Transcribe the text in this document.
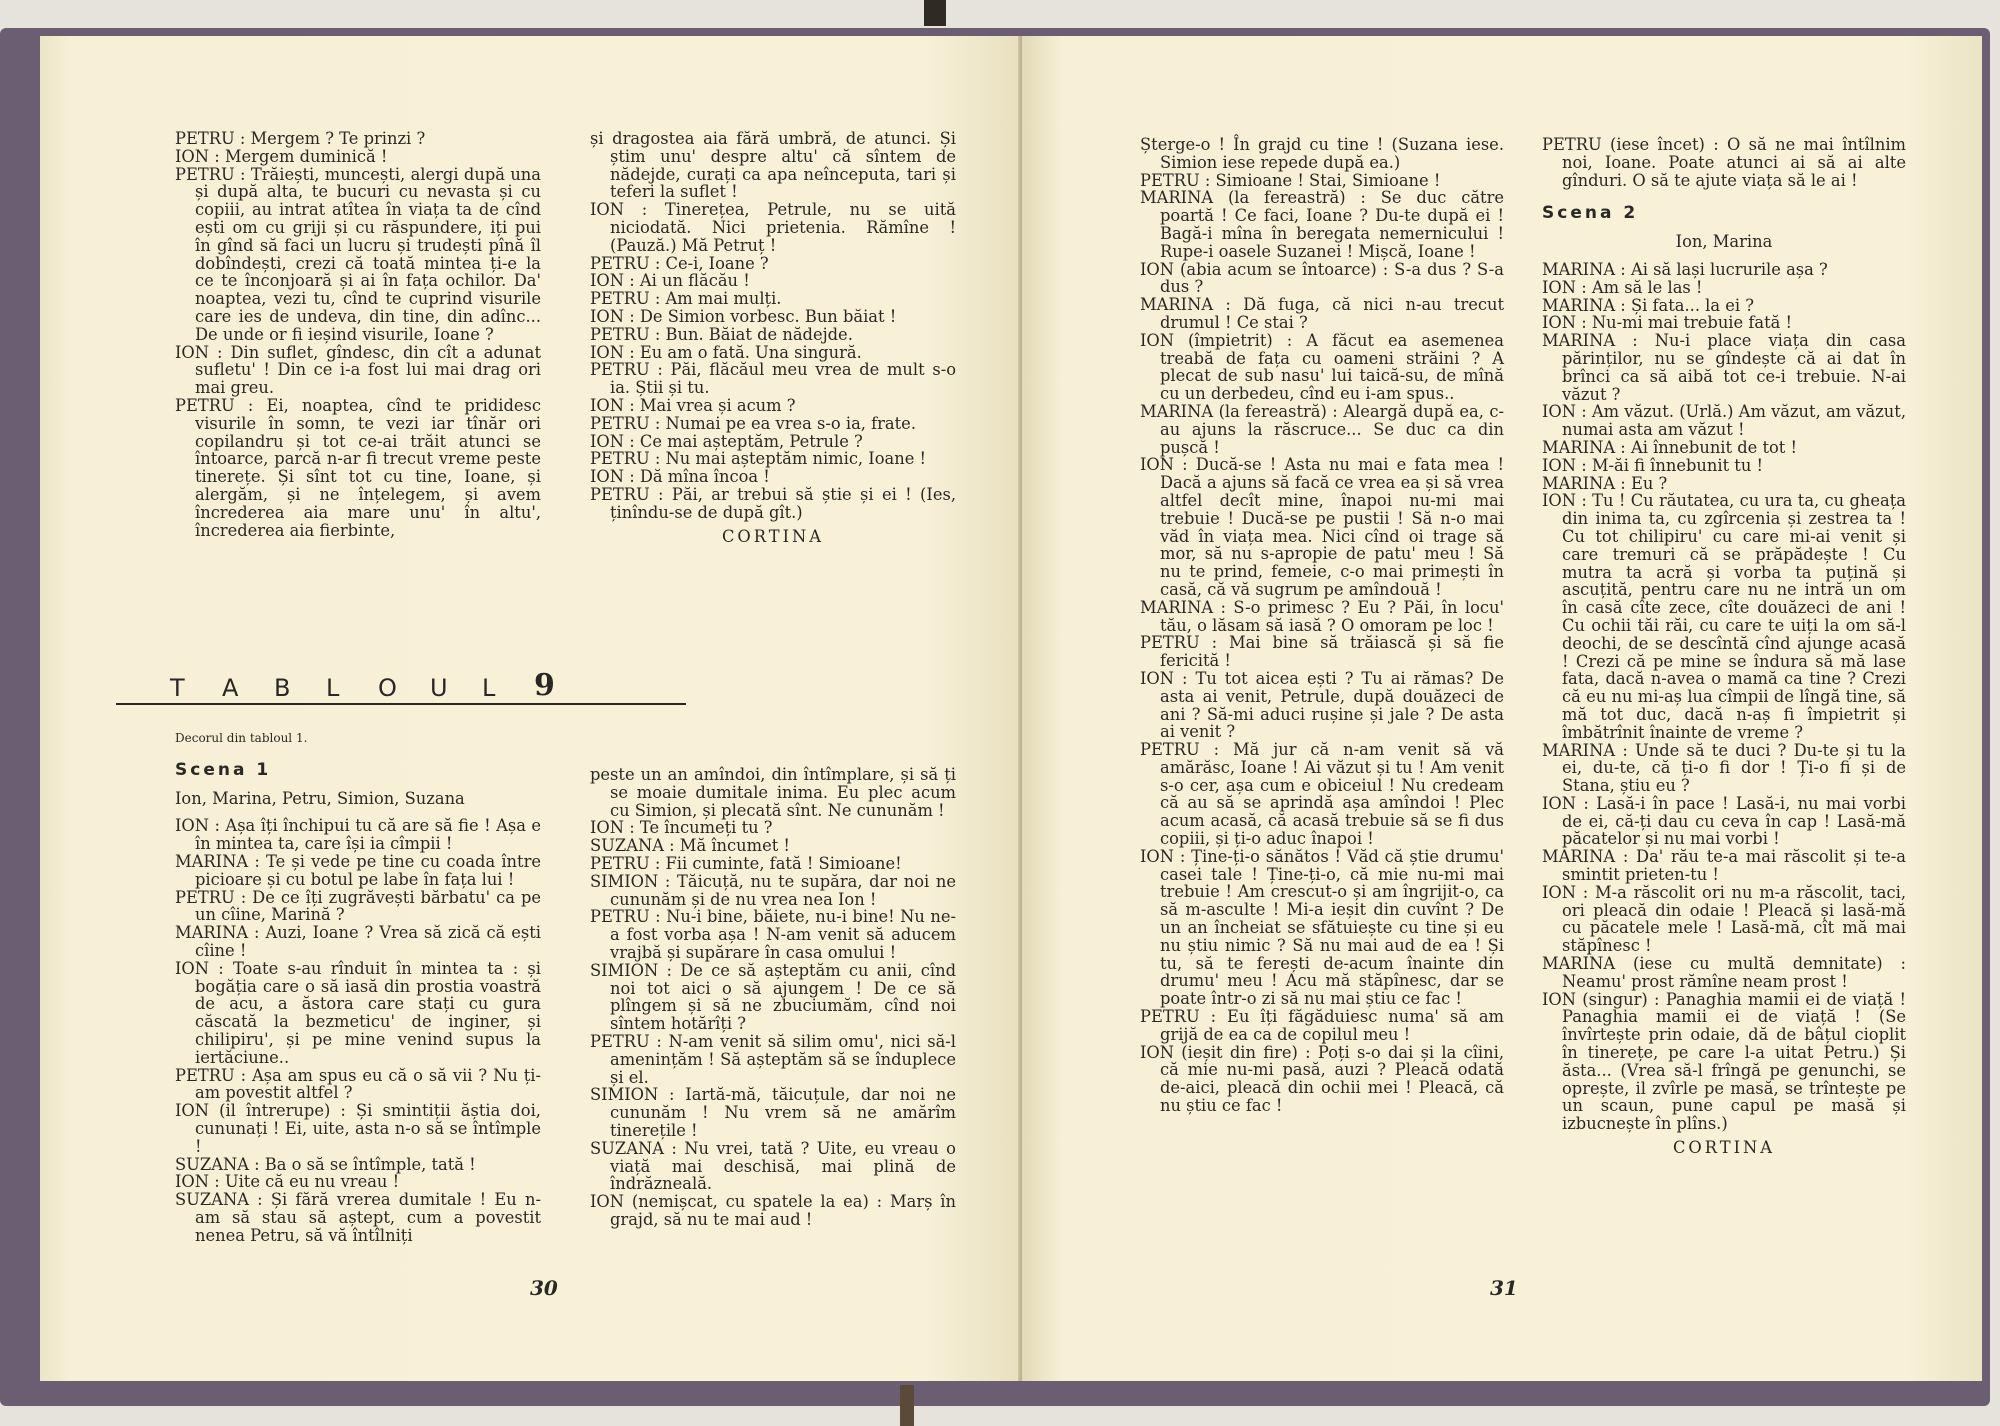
PETRU : Mergem ? Te prinzi ?

ION : Mergem duminică !

PETRU : Trăiești, muncești, alergi după una și după alta, te bucuri cu nevasta și cu copiii, au intrat atîtea în viața ta de cînd ești om cu griji și cu răspundere, iți pui în gînd să faci un lucru și trudești pînă îl dobîndești, crezi că toată mintea ți-e la ce te înconjoară și ai în fața ochilor. Da' noaptea, vezi tu, cînd te cuprind visurile care ies de undeva, din tine, din adînc... De unde or fi ieșind visurile, Ioane ?

ION : Din suflet, gîndesc, din cît a adunat sufletu' ! Din ce i-a fost lui mai drag ori mai greu.

PETRU : Ei, noaptea, cînd te prididesc visurile în somn, te vezi iar tînăr ori copilandru și tot ce-ai trăit atunci se întoarce, parcă n-ar fi trecut vreme peste tinerețe. Și sînt tot cu tine, Ioane, și alergăm, și ne înțelegem, și avem încrederea aia mare unu' în altu', încrederea aia fierbinte,

și dragostea aia fără umbră, de atunci. Și știm unu' despre altu' că sîntem de nădejde, curați ca apa neînceputa, tari și teferi la suflet !

ION : Tinerețea, Petrule, nu se uită niciodată. Nici prietenia. Rămîne ! (Pauză.) Mă Petruț !

PETRU : Ce-i, Ioane ?

ION : Ai un flăcău !

PETRU : Am mai mulți.

ION : De Simion vorbesc. Bun băiat !

PETRU : Bun. Băiat de nădejde.

ION : Eu am o fată. Una singură.

PETRU : Păi, flăcăul meu vrea de mult s-o ia. Știi și tu.

ION : Mai vrea și acum ?

PETRU : Numai pe ea vrea s-o ia, frate.

ION : Ce mai așteptăm, Petrule ?

PETRU : Nu mai așteptăm nimic, Ioane !

ION : Dă mîna încoa !

PETRU : Păi, ar trebui să știe și ei ! (Ies, ținîndu-se de după gît.)

CORTINA

T A B L O U L 9

Decorul din tabloul 1.

Scena 1

Ion, Marina, Petru, Simion, Suzana

ION : Așa îți închipui tu că are să fie ! Așa e în mintea ta, care își ia cîmpii !

MARINA : Te și vede pe tine cu coada între picioare și cu botul pe labe în fața lui !

PETRU : De ce îți zugrăvești bărbatu' ca pe un cîine, Marină ?

MARINA : Auzi, Ioane ? Vrea să zică că ești cîine !

ION : Toate s-au rînduit în mintea ta : și bogăția care o să iasă din prostia voastră de acu, a ăstora care stați cu gura căscată la bezmeticu' de inginer, și chilipiru', și pe mine venind supus la iertăciune..

PETRU : Așa am spus eu că o să vii ? Nu ți-am povestit altfel ?

ION (il întrerupe) : Și smintiții ăștia doi, cununați ! Ei, uite, asta n-o să se întîmple !

SUZANA : Ba o să se întîmple, tată !

ION : Uite că eu nu vreau !

SUZANA : Și fără vrerea dumitale ! Eu n-am să stau să aștept, cum a povestit nenea Petru, să vă întîlniți

peste un an amîndoi, din întîmplare, și să ți se moaie dumitale inima. Eu plec acum cu Simion, și plecată sînt. Ne cununăm !

ION : Te încumeți tu ?

SUZANA : Mă încumet !

PETRU : Fii cuminte, fată ! Simioane!

SIMION : Tăicuță, nu te supăra, dar noi ne cununăm și de nu vrea nea Ion !

PETRU : Nu-i bine, băiete, nu-i bine! Nu ne-a fost vorba așa ! N-am venit să aducem vrajbă și supărare în casa omului !

SIMION : De ce să așteptăm cu anii, cînd noi tot aici o să ajungem ! De ce să plîngem și să ne zbuciumăm, cînd noi sîntem hotărîți ?

PETRU : N-am venit să silim omu', nici să-l amenințăm ! Să așteptăm să se înduplece și el.

SIMION : Iartă-mă, tăicuțule, dar noi ne cununăm ! Nu vrem să ne amărîm tinerețile !

SUZANA : Nu vrei, tată ? Uite, eu vreau o viață mai deschisă, mai plină de îndrăzneală.

ION (nemișcat, cu spatele la ea) : Marș în grajd, să nu te mai aud !

30

Șterge-o ! În grajd cu tine ! (Suzana iese. Simion iese repede după ea.)

PETRU : Simioane ! Stai, Simioane !

MARINA (la fereastră) : Se duc către poartă ! Ce faci, Ioane ? Du-te după ei ! Bagă-i mîna în beregata nemernicului ! Rupe-i oasele Suzanei ! Mișcă, Ioane !

ION (abia acum se întoarce) : S-a dus ? S-a dus ?

MARINA : Dă fuga, că nici n-au trecut drumul ! Ce stai ?

ION (împietrit) : A făcut ea asemenea treabă de fața cu oameni străini ? A plecat de sub nasu' lui taică-su, de mînă cu un derbedeu, cînd eu i-am spus..

MARINA (la fereastră) : Aleargă după ea, c-au ajuns la răscruce... Se duc ca din pușcă !

ION : Ducă-se ! Asta nu mai e fata mea ! Dacă a ajuns să facă ce vrea ea și să vrea altfel decît mine, înapoi nu-mi mai trebuie ! Ducă-se pe pustii ! Să n-o mai văd în viața mea. Nici cînd oi trage să mor, să nu s-apropie de patu' meu ! Să nu te prind, femeie, c-o mai primești în casă, că vă sugrum pe amîndouă !

MARINA : S-o primesc ? Eu ? Păi, în locu' tău, o lăsam să iasă ? O omoram pe loc !

PETRU : Mai bine să trăiască și să fie fericită !

ION : Tu tot aicea ești ? Tu ai rămas? De asta ai venit, Petrule, după douăzeci de ani ? Să-mi aduci rușine și jale ? De asta ai venit ?

PETRU : Mă jur că n-am venit să vă amărăsc, Ioane ! Ai văzut și tu ! Am venit s-o cer, așa cum e obiceiul ! Nu credeam că au să se aprindă așa amîndoi ! Plec acum acasă, că acasă trebuie să se fi dus copiii, și ți-o aduc înapoi !

ION : Ține-ți-o sănătos ! Văd că știe drumu' casei tale ! Ține-ți-o, că mie nu-mi mai trebuie ! Am crescut-o și am îngrijit-o, ca să m-asculte ! Mi-a ieșit din cuvînt ? De un an încheiat se sfătuiește cu tine și eu nu știu nimic ? Să nu mai aud de ea ! Și tu, să te ferești de-acum înainte din drumu' meu ! Acu mă stăpînesc, dar se poate într-o zi să nu mai știu ce fac !

PETRU : Eu îți făgăduiesc numa' să am grijă de ea ca de copilul meu !

ION (ieșit din fire) : Poți s-o dai și la cîini, că mie nu-mi pasă, auzi ? Pleacă odată de-aici, pleacă din ochii mei ! Pleacă, că nu știu ce fac !

PETRU (iese încet) : O să ne mai întîlnim noi, Ioane. Poate atunci ai să ai alte gînduri. O să te ajute viața să le ai !

Scena 2

Ion, Marina

MARINA : Ai să lași lucrurile așa ?

ION : Am să le las !

MARINA : Și fata... la ei ?

ION : Nu-mi mai trebuie fată !

MARINA : Nu-i place viața din casa părinților, nu se gîndește că ai dat în brînci ca să aibă tot ce-i trebuie. N-ai văzut ?

ION : Am văzut. (Urlă.) Am văzut, am văzut, numai asta am văzut !

MARINA : Ai înnebunit de tot !

ION : M-ăi fi înnebunit tu !

MARINA : Eu ?

ION : Tu ! Cu răutatea, cu ura ta, cu gheața din inima ta, cu zgîrcenia și zestrea ta ! Cu tot chilipiru' cu care mi-ai venit și care tremuri că se prăpădește ! Cu mutra ta acră și vorba ta puțină și ascuțită, pentru care nu ne intră un om în casă cîte zece, cîte douăzeci de ani ! Cu ochii tăi răi, cu care te uiți la om să-l deochi, de se descîntă cînd ajunge acasă ! Crezi că pe mine se îndura să mă lase fata, dacă n-avea o mamă ca tine ? Crezi că eu nu mi-aș lua cîmpii de lîngă tine, să mă tot duc, dacă n-aș fi împietrit și îmbătrînit înainte de vreme ?

MARINA : Unde să te duci ? Du-te și tu la ei, du-te, că ți-o fi dor ! Ți-o fi și de Stana, știu eu ?

ION : Lasă-i în pace ! Lasă-i, nu mai vorbi de ei, că-ți dau cu ceva în cap ! Lasă-mă păcatelor și nu mai vorbi !

MARINA : Da' rău te-a mai răscolit și te-a smintit prieten-tu !

ION : M-a răscolit ori nu m-a răscolit, taci, ori pleacă din odaie ! Pleacă și lasă-mă cu păcatele mele ! Lasă-mă, cît mă mai stăpînesc !

MARINA (iese cu multă demnitate) : Neamu' prost rămîne neam prost !

ION (singur) : Panaghia mamii ei de viață ! Panaghia mamii ei de viață ! (Se învîrtește prin odaie, dă de bâțul cioplit în tinerețe, pe care l-a uitat Petru.) Și ăsta... (Vrea să-l frîngă pe genunchi, se oprește, il zvîrle pe masă, se trîntește pe un scaun, pune capul pe masă și izbucnește în plîns.)

CORTINA

31
